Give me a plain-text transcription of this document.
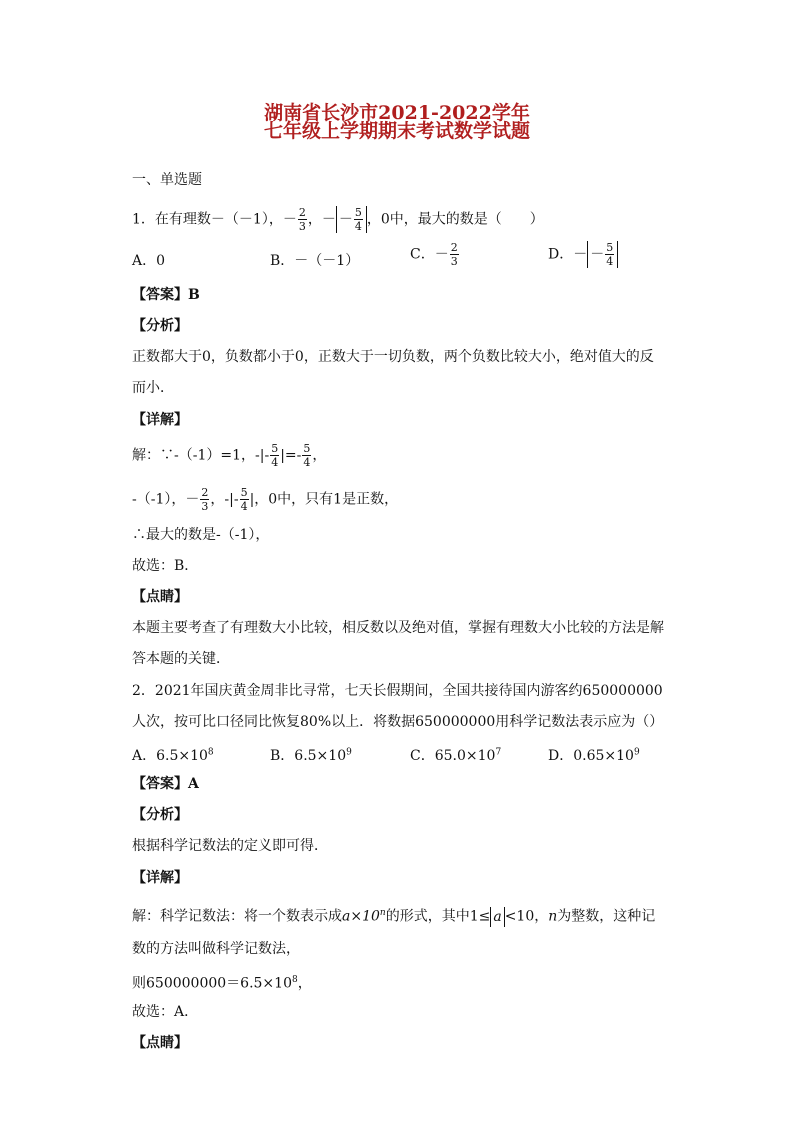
湖南省长沙市2021-2022学年
七年级上学期期末考试数学试题
一、单选题
1．在有理数－（－1），－ $\frac{2}{3}$ ，－ － $\frac{5}{4}$ ，0中，最大的数是（　　）
A．0	B．－（－1）	C．－ $\frac{2}{3}$	D．－ － $\frac{5}{4}$
【答案】B
【分析】
正数都大于0，负数都小于0，正数大于一切负数，两个负数比较大小，绝对值大的反而小．
【详解】
解：∵-（-1）=1，-|- $\frac{5}{4}$ |=- $\frac{5}{4}$ ，
-（-1），－ $\frac{2}{3}$ ，-|- $\frac{5}{4}$ |，0中，只有1是正数，
∴最大的数是-（-1），
故选：B．
【点睛】
本题主要考查了有理数大小比较，相反数以及绝对值，掌握有理数大小比较的方法是解答本题的关键．
2．2021年国庆黄金周非比寻常，七天长假期间，全国共接待国内游客约650000000人次，按可比口径同比恢复80%以上．将数据650000000用科学记数法表示应为（）
A．$6.5\times 10^8$	B．$6.5\times 10^9$	C．$65.0\times 10^7$	D．$0.65\times 10^9$
【答案】A
【分析】
根据科学记数法的定义即可得．
【详解】
解：科学记数法：将一个数表示成$a\times 10^n$的形式，其中1≤ a <10，n为整数，这种记
数的方法叫做科学记数法，
则$650000000=6.5\times 10^8$，
故选：A．
【点睛】
